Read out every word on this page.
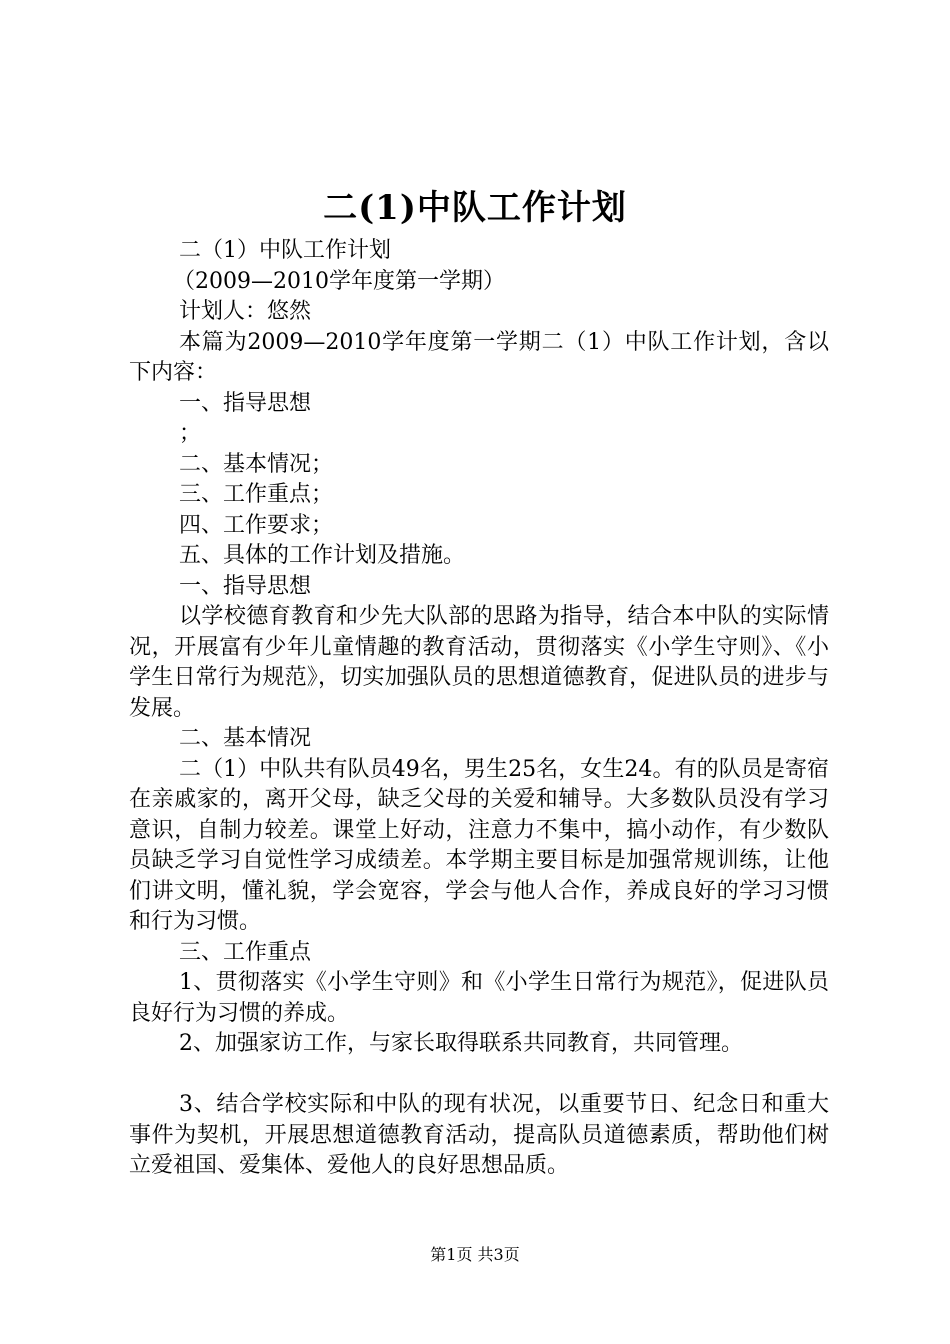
二(1)中队工作计划

二（1）中队工作计划

（2009—2010学年度第一学期）

计划人：悠然

本篇为2009—2010学年度第一学期二（1）中队工作计划，含以下内容：

一、指导思想

；

二、基本情况；

三、工作重点；

四、工作要求；

五、具体的工作计划及措施。

一、指导思想

以学校德育教育和少先大队部的思路为指导，结合本中队的实际情况，开展富有少年儿童情趣的教育活动，贯彻落实《小学生守则》、《小学生日常行为规范》，切实加强队员的思想道德教育，促进队员的进步与发展。

二、基本情况

二（1）中队共有队员49名，男生25名，女生24。有的队员是寄宿在亲戚家的，离开父母，缺乏父母的关爱和辅导。大多数队员没有学习意识，自制力较差。课堂上好动，注意力不集中，搞小动作，有少数队员缺乏学习自觉性学习成绩差。本学期主要目标是加强常规训练，让他们讲文明，懂礼貌，学会宽容，学会与他人合作，养成良好的学习习惯和行为习惯。

三、工作重点

1、贯彻落实《小学生守则》和《小学生日常行为规范》，促进队员良好行为习惯的养成。

2、加强家访工作，与家长取得联系共同教育，共同管理。

3、结合学校实际和中队的现有状况，以重要节日、纪念日和重大事件为契机，开展思想道德教育活动，提高队员道德素质，帮助他们树立爱祖国、爱集体、爱他人的良好思想品质。

第1页 共3页
